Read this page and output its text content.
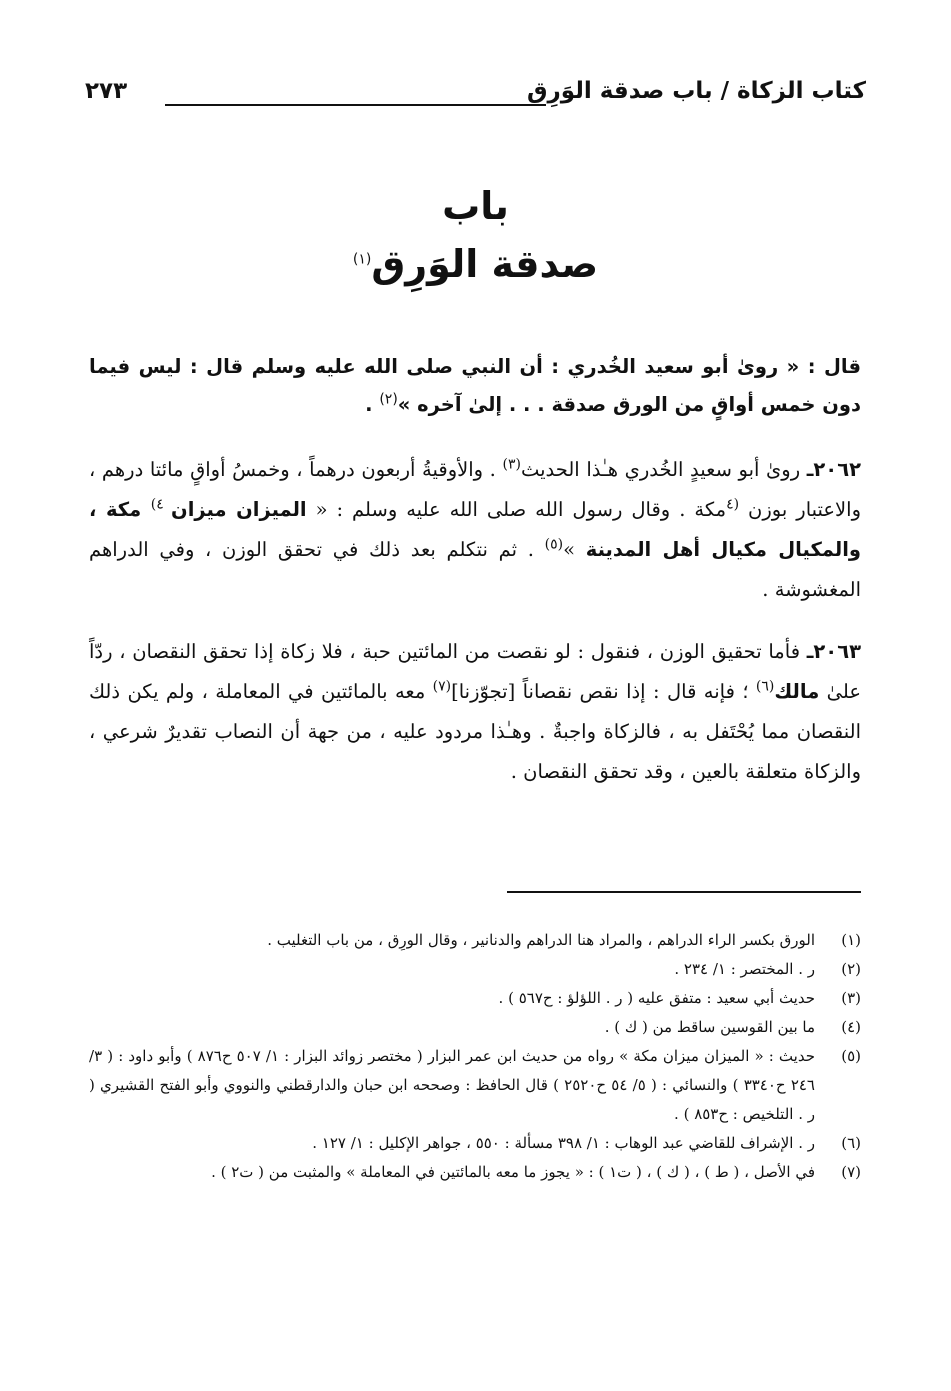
كتاب الزكاة / باب صدقة الوَرِق
٢٧٣
باب
صدقة الوَرِق$^{(١)}$

قال : « روىٰ أبو سعيد الخُدري : أن النبي صلى الله عليه وسلم قال : ليس فيما دون خمس أواقٍ من الورق صدقة . . . إلىٰ آخره »$^{(٢)}$ .

٢٠٦٢ـ روىٰ أبو سعيدٍ الخُدري هـٰذا الحديث$^{(٣)}$ . والأوقيةُ أربعون درهماً ، وخمسُ أواقٍ مائتا درهم ، والاعتبار بوزن $^{(٤}$مكة . وقال رسول الله صلى الله عليه وسلم : « الميزان ميزان $^{٤)}$ مكة ، والمكيال مكيال أهل المدينة »$^{(٥)}$ . ثم نتكلم بعد ذلك في تحقق الوزن ، وفي الدراهم المغشوشة .

٢٠٦٣ـ فأما تحقيق الوزن ، فنقول : لو نقصت من المائتين حبة ، فلا زكاة إذا تحقق النقصان ، ردّاً علىٰ مالك$^{(٦)}$ ؛ فإنه قال : إذا نقص نقصاناً [تجوّزنا]$^{(٧)}$ معه بالمائتين في المعاملة ، ولم يكن ذلك النقصان مما يُحْتَفل به ، فالزكاة واجبةٌ . وهـٰذا مردود عليه ، من جهة أن النصاب تقديرٌ شرعي ، والزكاة متعلقة بالعين ، وقد تحقق النقصان .

(١)
الورق بكسر الراء الدراهم ، والمراد هنا الدراهم والدنانير ، وقال الورِق ، من باب التغليب .
(٢)
ر . المختصر : ١/ ٢٣٤ .
(٣)
حديث أبي سعيد : متفق عليه ( ر . اللؤلؤ : ح٥٦٧ ) .
(٤)
ما بين القوسين ساقط من ( ك ) .
(٥)
حديث : « الميزان ميزان مكة » رواه من حديث ابن عمر البزار ( مختصر زوائد البزار : ١/ ٥٠٧ ح٨٧٦ ) وأبو داود : ( ٣/ ٢٤٦ ح٣٣٤٠ ) والنسائي : ( ٥/ ٥٤ ح٢٥٢٠ ) قال الحافظ : وصححه ابن حبان والدارقطني والنووي وأبو الفتح القشيري ( ر . التلخيص : ح٨٥٣ ) .
(٦)
ر . الإشراف للقاضي عبد الوهاب : ١/ ٣٩٨ مسألة : ٥٥٠ ، جواهر الإكليل : ١/ ١٢٧ .
(٧)
في الأصل ، ( ط ) ، ( ك ) ، ( ت١ ) : « يجوز ما معه بالمائتين في المعاملة » والمثبت من ( ت٢ ) .
